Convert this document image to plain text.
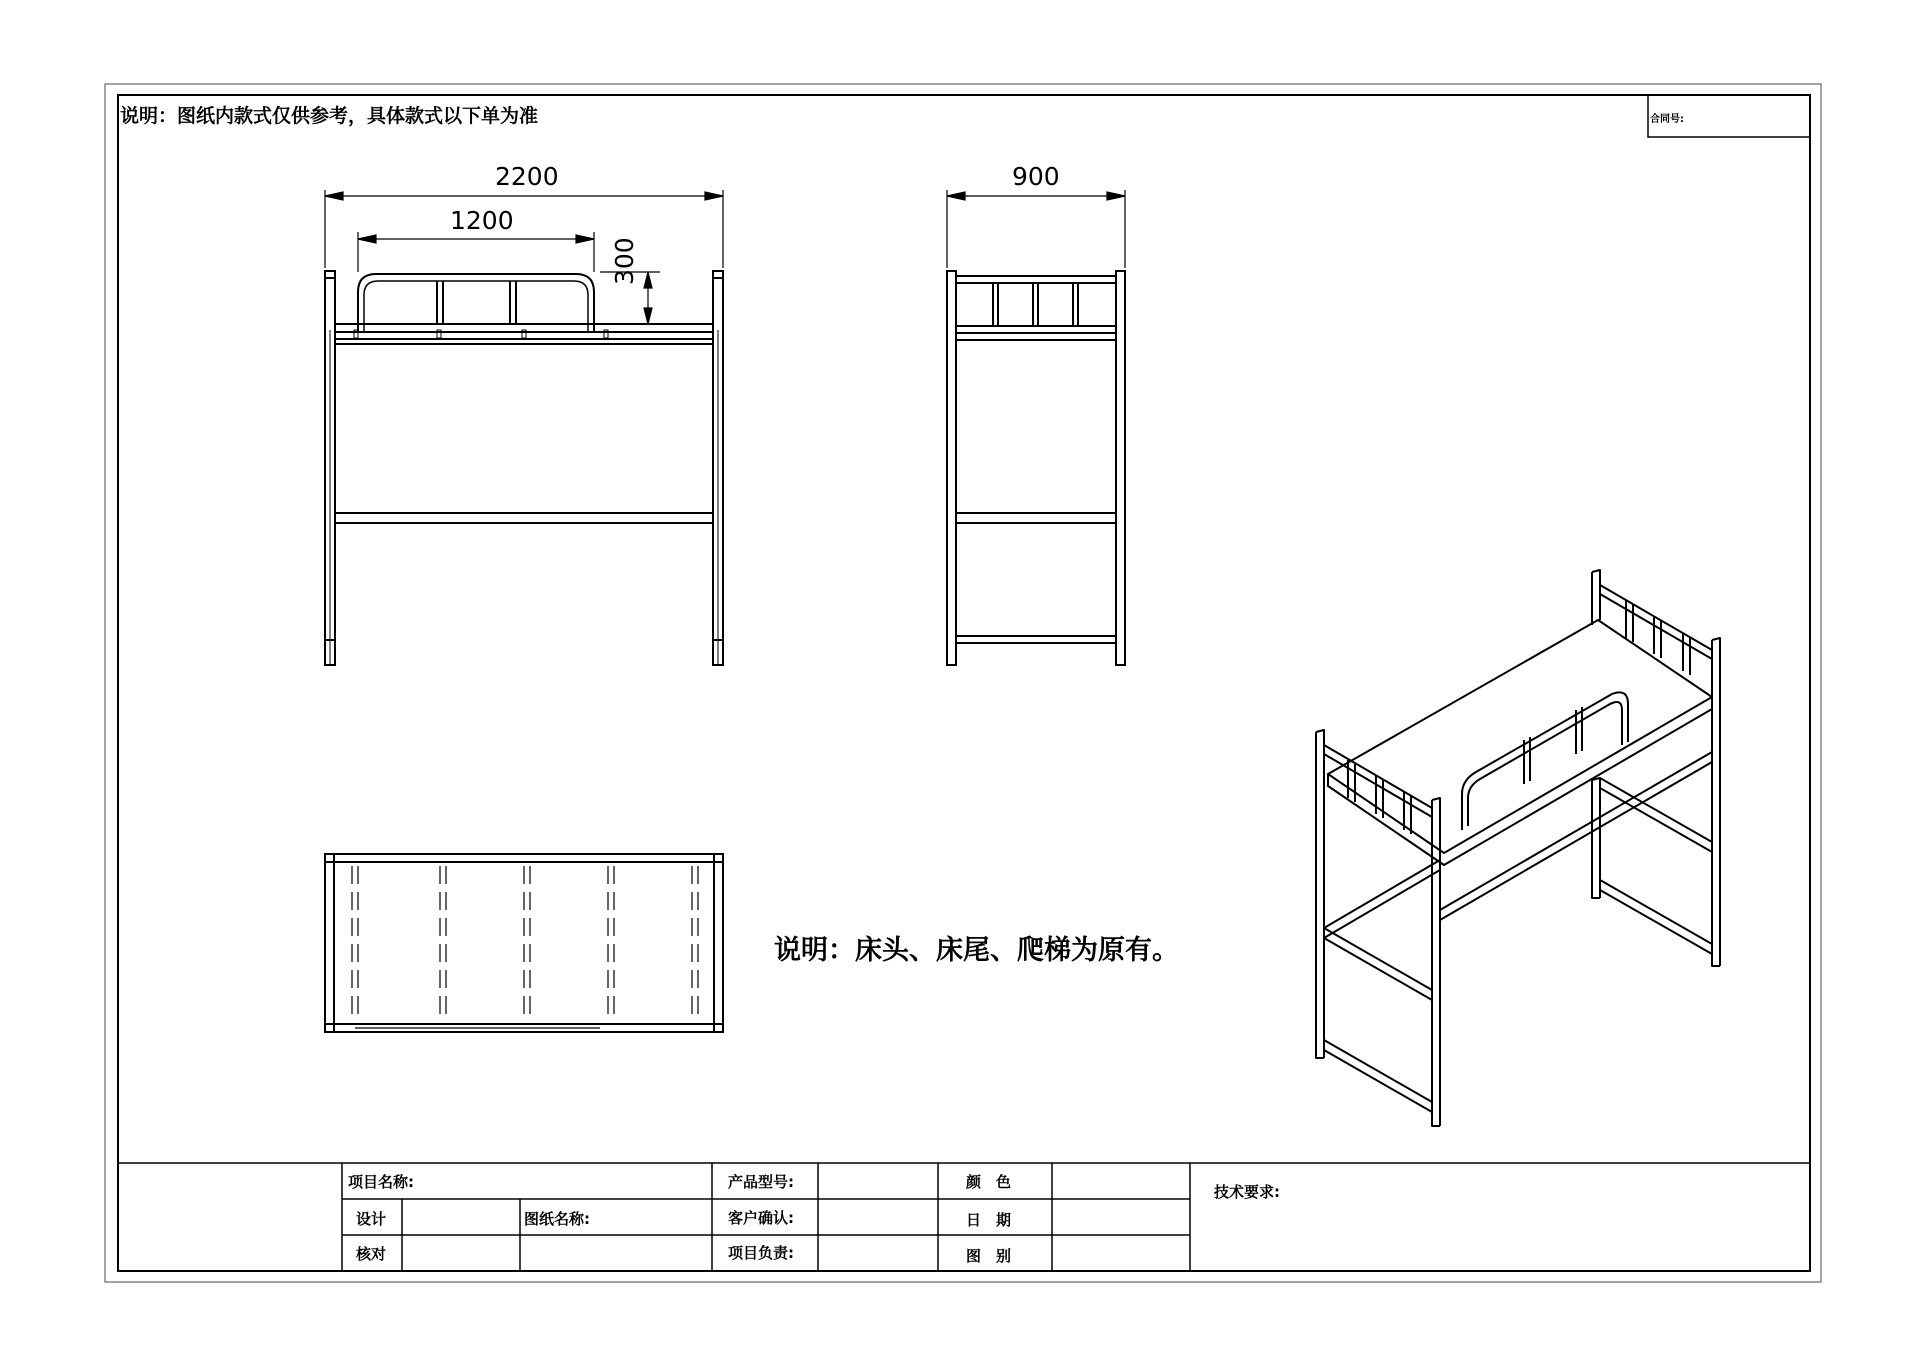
说明：图纸内款式仅供参考，具体款式以下单为准	合同号:
2200
1200
300
900
说明：床头、床尾、爬梯为原有。
项目名称:
设计
核对
图纸名称:
产品型号:
客户确认:
项目负责:
颜　色
日　期
图　别
技术要求:
